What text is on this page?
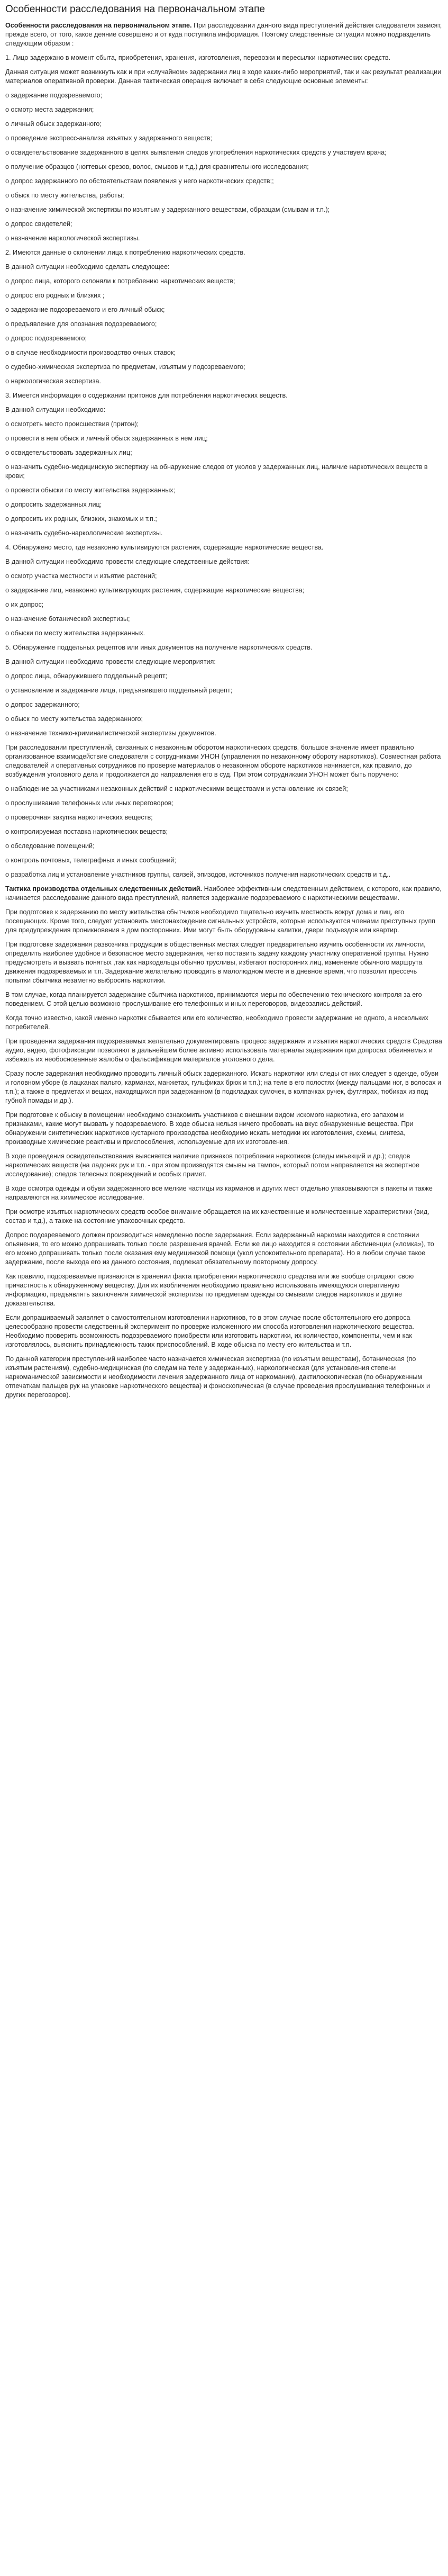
Особенности расследования на первоначальном этапе

Особенности расследования на первоначальном этапе. При расследовании данного вида преступлений действия следователя зависят, прежде всего, от того, какое деяние совершено и от куда поступила информация. Поэтому следственные ситуации можно подразделить следующим образом :

1. Лицо задержано в момент сбыта, приобретения, хранения, изготовления, перевозки и пересылки наркотических средств.

Данная ситуация может возникнуть как и при «случайном» задержании лиц в ходе каких-либо мероприятий, так и как результат реализации материалов оперативной проверки. Данная тактическая операция включает в себя следующие основные элементы:

о задержание подозреваемого;

о осмотр места задержания;

о личный обыск задержанного;

о проведение экспресс-анализа изъятых у задержанного веществ;

о освидетельствование задержанного в целях выявления следов употребления наркотических средств у участвуем врача;

о получение образцов (ногтевых срезов, волос, смывов и т.д.) для сравнительного исследования;

о допрос задержанного по обстоятельствам появления у него наркотических средств;;

о обыск по месту жительства, работы;

о назначение химической экспертизы по изъятым у задержанного веществам, образцам (смывам и т.п.);

о допрос свидетелей;

о назначение наркологической экспертизы.

2. Имеются данные о склонении лица к потреблению наркотических средств.

В данной ситуации необходимо сделать следующее:

о допрос лица, которого склоняли к потреблению наркотических веществ;

о допрос его родных и близких ;

о задержание подозреваемого и его личный обыск;

о предъявление для опознания подозреваемого;

о допрос подозреваемого;

о в случае необходимости производство очных ставок;

о судебно-химическая экспертиза по предметам, изъятым у подозреваемого;

о наркологическая экспертиза.

3. Имеется информация о содержании притонов для потребления наркотических веществ.

В данной ситуации необходимо:

о осмотреть место происшествия (притон);

о провести в нем обыск и личный обыск задержанных в нем лиц;

о освидетельствовать задержанных лиц;

о назначить судебно-медицинскую экспертизу на обнаружение следов от уколов у задержанных лиц, наличие наркотических веществ в крови;

о провести обыски по месту жительства задержанных;

о допросить задержанных лиц;

о допросить их родных, близких, знакомых и т.п.;

о назначить судебно-наркологические экспертизы.

4. Обнаружено место, где незаконно культивируются растения, содержащие наркотические вещества.

В данной ситуации необходимо провести следующие следственные действия:

о осмотр участка местности и изъятие растений;

о задержание лиц, незаконно культивирующих растения, содержащие наркотические вещества;

о их допрос;

о назначение ботанической экспертизы;

о обыски по месту жительства задержанных.

5. Обнаружение поддельных рецептов или иных документов на получение наркотических средств.

В данной ситуации необходимо провести следующие мероприятия:

о допрос лица, обнаружившего поддельный рецепт;

о установление и задержание лица, предъявившего поддельный рецепт;

о допрос задержанного;

о обыск по месту жительства задержанного;

о назначение технико-криминалистической экспертизы документов.

При расследовании преступлений, связанных с незаконным оборотом наркотических средств, большое значение имеет правильно организованное взаимодействие следователя с сотрудниками УНОН (управления по незаконному обороту наркотиков). Совместная работа следователей и оперативных сотрудников по проверке материалов о незаконном обороте наркотиков начинается, как правило, до возбуждения уголовного дела и продолжается до направления его в суд. При этом сотрудниками УНОН может быть поручено:

о наблюдение за участниками незаконных действий с наркотическими веществами и установление их связей;

о прослушивание телефонных или иных переговоров;

о проверочная закупка наркотических веществ;

о контролируемая поставка наркотических веществ;

о обследование помещений;

о контроль почтовых, телеграфных и иных сообщений;

о разработка лиц и установление участников группы, связей, эпизодов, источников получения наркотических средств и т.д..

Тактика производства отдельных следственных действий. Наиболее эффективным следственным действием, с которого, как правило, начинается расследование данного вида преступлений, является задержание подозреваемого с наркотическими веществами.

При подготовке к задержанию по месту жительства сбытчиков необходимо тщательно изучить местность вокруг дома и лиц, его посещающих. Кроме того, следует установить местонахождение сигнальных устройств, которые используются членами преступных групп для предупреждения проникновения в дом посторонних. Ими могут быть оборудованы калитки, двери подъездов или квартир.

При подготовке задержания развозчика продукции в общественных местах следует предварительно изучить особенности их личности, определить наиболее удобное и безопасное место задержания, четко поставить задачу каждому участнику оперативной группы. Нужно предусмотреть и вызвать понятых ,так как наркодельцы обычно трусливы, избегают посторонних лиц, изменение обычного маршрута движения подозреваемых и т.п. Задержание желательно проводить в малолюдном месте и в дневное время, что позволит прессечь попытки сбытчика незаметно выбросить наркотики.

В том случае, когда планируется задержание сбытчика наркотиков, принимаются меры по обеспечению технического контроля за его поведением. С этой целью возможно прослушивание его телефонных и иных переговоров, видеозапись действий.

Когда точно известно, какой именно наркотик сбывается или его количество, необходимо провести задержание не одного, а нескольких потребителей.

При проведении задержания подозреваемых желательно документировать процесс задержания и изъятия наркотических средств Средства аудио, видео, фотофиксации позволяют в дальнейшем более активно использовать материалы задержания при допросах обвиняемых и избежать их необоснованные жалобы о фальсификации материалов уголовного дела.

Сразу после задержания необходимо проводить личный обыск задержанного. Искать наркотики или следы от них следует в одежде, обуви и головном уборе (в лацканах пальто, карманах, манжетах, гульфиках брюк и т.п.); на теле в его полостях (между пальцами ног, в волосах и т.п.); а также в предметах и вещах, находящихся при задержанном (в подкладках сумочек, в колпачках ручек, футлярах, тюбиках из под губной помады и др.).

При подготовке к обыску в помещении необходимо ознакомить участников с внешним видом искомого наркотика, его запахом и признаками, какие могут вызвать у подозреваемого. В ходе обыска нельзя ничего пробовать на вкус обнаруженные вещества. При обнаружении синтетических наркотиков кустарного производства необходимо искать методики их изготовления, схемы, синтеза, производные химические реактивы и приспособления, используемые для их изготовления.

В ходе проведения освидетельствования выясняется наличие признаков потребления наркотиков (следы инъекций и др.); следов наркотических веществ (на ладонях рук и т.п. - при этом производятся смывы на тампон, который потом направляется на экспертное исследование); следов телесных повреждений и особых примет.

В ходе осмотра одежды и обуви задержанного все мелкие частицы из карманов и других мест отдельно упаковываются в пакеты и также направляются на химическое исследование.

При осмотре изъятых наркотических средств особое внимание обращается на их качественные и количественные характеристики (вид, состав и т.д.), а также на состояние упаковочных средств.

Допрос подозреваемого должен производиться немедленно после задержания. Если задержанный наркоман находится в состоянии опьянения, то его можно допрашивать только после разрешения врачей. Если же лицо находится в состоянии абстиненции («ломка»), то его можно допрашивать только после оказания ему медицинской помощи (укол успокоительного препарата). Но в любом случае такое задержание, после выхода его из данного состояния, подлежат обязательному повторному допросу.

Как правило, подозреваемые признаются в хранении факта приобретения наркотического средства или же вообще отрицают свою причастность к обнаруженному веществу. Для их изобличения необходимо правильно использовать имеющуюся оперативную информацию, предъявлять заключения химической экспертизы по предметам одежды со смывами следов наркотиков и другие доказательства.

Если допрашиваемый заявляет о самостоятельном изготовлении наркотиков, то в этом случае после обстоятельного его допроса целесообразно провести следственный эксперимент по проверке изложенного им способа изготовления наркотического вещества. Необходимо проверить возможность подозреваемого приобрести или изготовить наркотики, их количество, компоненты, чем и как изготовлялось, выяснить принадлежность таких приспособлений. В ходе обыска по месту его жительства и т.п.

По данной категории преступлений наиболее часто назначается химическая экспертиза (по изъятым веществам), ботаническая (по изъятым растениям), судебно-медицинская (по следам на теле у задержанных), наркологическая (для установления степени наркоманической зависимости и необходимости лечения задержанного лица от наркомании), дактилоскопическая (по обнаруженным отпечаткам пальцев рук на упаковке наркотического вещества) и фоноскопическая (в случае проведения прослушивания телефонных и других переговоров).
